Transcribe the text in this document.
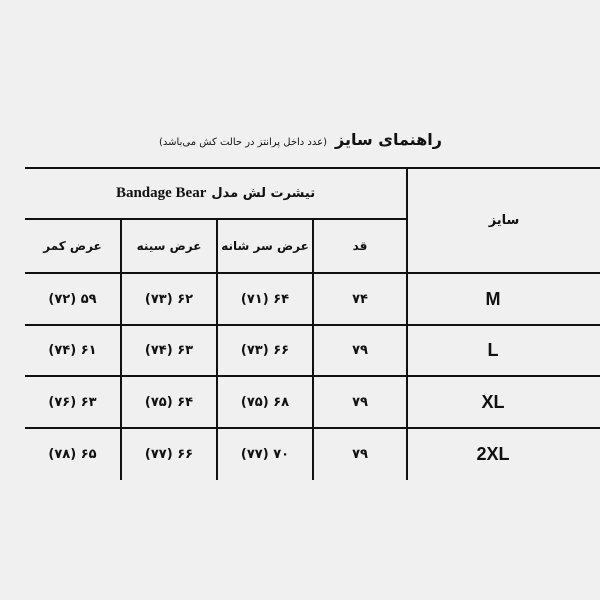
راهنمای سایز
(عدد داخل پرانتز در حالت کش می‌باشد)
سایز
تیشرت لش مدل
Bandage Bear
قد
عرض سر شانه
عرض سینه
عرض کمر
M
۷۴
۶۴ (۷۱)
۶۲ (۷۳)
۵۹ (۷۲)
L
۷۹
۶۶ (۷۳)
۶۳ (۷۴)
۶۱ (۷۴)
XL
۷۹
۶۸ (۷۵)
۶۴ (۷۵)
۶۳ (۷۶)
2XL
۷۹
۷۰ (۷۷)
۶۶ (۷۷)
۶۵ (۷۸)
